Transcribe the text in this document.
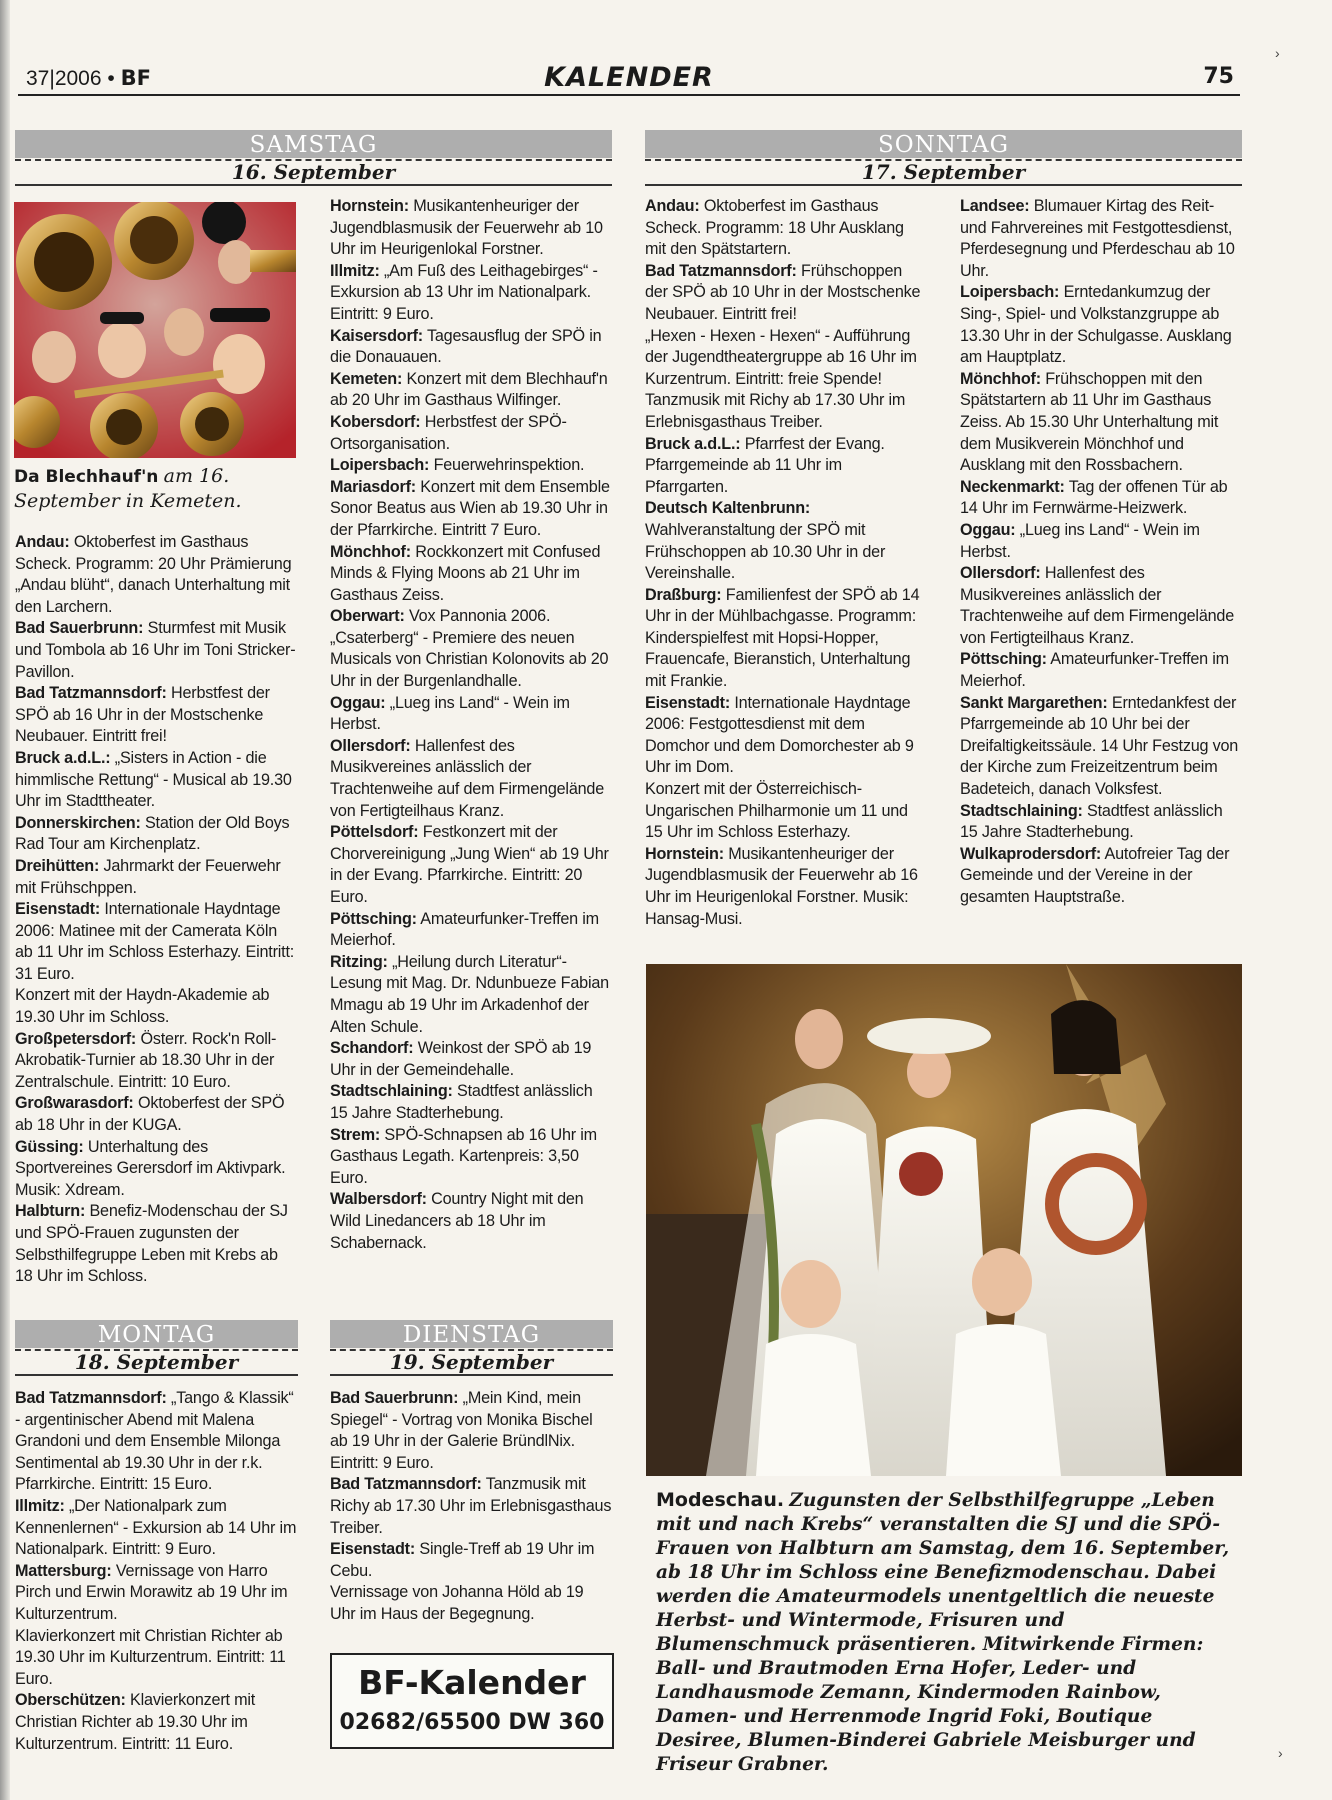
37|2006 • BF	KALENDER	75
SAMSTAG
16. September
SONNTAG
17. September
MONTAG
18. September
DIENSTAG
19. September
Da Blechhauf'n am 16. September in Kemeten.

Andau: Oktoberfest im Gasthaus Scheck. Programm: 20 Uhr Prämierung „Andau blüht“, danach Unterhaltung mit den Larchern.

Bad Sauerbrunn: Sturmfest mit Musik und Tombola ab 16 Uhr im Toni Stricker-Pavillon.

Bad Tatzmannsdorf: Herbstfest der SPÖ ab 16 Uhr in der Mostschenke Neubauer. Eintritt frei!

Bruck a.d.L.: „Sisters in Action - die himmlische Rettung“ - Musical ab 19.30 Uhr im Stadttheater.

Donnerskirchen: Station der Old Boys Rad Tour am Kirchenplatz.

Dreihütten: Jahrmarkt der Feuerwehr mit Frühschppen.

Eisenstadt: Internationale Haydntage 2006: Matinee mit der Camerata Köln ab 11 Uhr im Schloss Esterhazy. Eintritt: 31 Euro.

Konzert mit der Haydn-Akademie ab 19.30 Uhr im Schloss.

Großpetersdorf: Österr. Rock'n Roll-Akrobatik-Turnier ab 18.30 Uhr in der Zentralschule. Eintritt: 10 Euro.

Großwarasdorf: Oktoberfest der SPÖ ab 18 Uhr in der KUGA.

Güssing: Unterhaltung des Sportvereines Gerersdorf im Aktivpark. Musik: Xdream.

Halbturn: Benefiz-Modenschau der SJ und SPÖ-Frauen zugunsten der Selbsthilfegruppe Leben mit Krebs ab 18 Uhr im Schloss.

Hornstein: Musikantenheuriger der Jugendblasmusik der Feuerwehr ab 10 Uhr im Heurigenlokal Forstner.

Illmitz: „Am Fuß des Leithagebirges“ - Exkursion ab 13 Uhr im Nationalpark. Eintritt: 9 Euro.

Kaisersdorf: Tagesausflug der SPÖ in die Donauauen.

Kemeten: Konzert mit dem Blechhauf'n ab 20 Uhr im Gasthaus Wilfinger.

Kobersdorf: Herbstfest der SPÖ-Ortsorganisation.

Loipersbach: Feuerwehrinspektion.

Mariasdorf: Konzert mit dem Ensemble Sonor Beatus aus Wien ab 19.30 Uhr in der Pfarrkirche. Eintritt 7 Euro.

Mönchhof: Rockkonzert mit Confused Minds & Flying Moons ab 21 Uhr im Gasthaus Zeiss.

Oberwart: Vox Pannonia 2006. „Csaterberg“ - Premiere des neuen Musicals von Christian Kolonovits ab 20 Uhr in der Burgenlandhalle.

Oggau: „Lueg ins Land“ - Wein im Herbst.

Ollersdorf: Hallenfest des Musikvereines anlässlich der Trachtenweihe auf dem Firmengelände von Fertigteilhaus Kranz.

Pöttelsdorf: Festkonzert mit der Chorvereinigung „Jung Wien“ ab 19 Uhr in der Evang. Pfarrkirche. Eintritt: 20 Euro.

Pöttsching: Amateurfunker-Treffen im Meierhof.

Ritzing: „Heilung durch Literatur“-Lesung mit Mag. Dr. Ndunbueze Fabian Mmagu ab 19 Uhr im Arkadenhof der Alten Schule.

Schandorf: Weinkost der SPÖ ab 19 Uhr in der Gemeindehalle.

Stadtschlaining: Stadtfest anlässlich 15 Jahre Stadterhebung.

Strem: SPÖ-Schnapsen ab 16 Uhr im Gasthaus Legath. Kartenpreis: 3,50 Euro.

Walbersdorf: Country Night mit den Wild Linedancers ab 18 Uhr im Schabernack.

Andau: Oktoberfest im Gasthaus Scheck. Programm: 18 Uhr Ausklang mit den Spätstartern.

Bad Tatzmannsdorf: Frühschoppen der SPÖ ab 10 Uhr in der Mostschenke Neubauer. Eintritt frei!

„Hexen - Hexen - Hexen“ - Aufführung der Jugendtheatergruppe ab 16 Uhr im Kurzentrum. Eintritt: freie Spende!

Tanzmusik mit Richy ab 17.30 Uhr im Erlebnisgasthaus Treiber.

Bruck a.d.L.: Pfarrfest der Evang. Pfarrgemeinde ab 11 Uhr im Pfarrgarten.

Deutsch Kaltenbrunn: Wahlveranstaltung der SPÖ mit Frühschoppen ab 10.30 Uhr in der Vereinshalle.

Draßburg: Familienfest der SPÖ ab 14 Uhr in der Mühlbachgasse. Programm: Kinderspielfest mit Hopsi-Hopper, Frauencafe, Bieranstich, Unterhaltung mit Frankie.

Eisenstadt: Internationale Haydntage 2006: Festgottesdienst mit dem Domchor und dem Domorchester ab 9 Uhr im Dom.

Konzert mit der Österreichisch-Ungarischen Philharmonie um 11 und 15 Uhr im Schloss Esterhazy.

Hornstein: Musikantenheuriger der Jugendblasmusik der Feuerwehr ab 16 Uhr im Heurigenlokal Forstner. Musik: Hansag-Musi.

Landsee: Blumauer Kirtag des Reit- und Fahrvereines mit Festgottesdienst, Pferdesegnung und Pferdeschau ab 10 Uhr.

Loipersbach: Erntedankumzug der Sing-, Spiel- und Volkstanzgruppe ab 13.30 Uhr in der Schulgasse. Ausklang am Hauptplatz.

Mönchhof: Frühschoppen mit den Spätstartern ab 11 Uhr im Gasthaus Zeiss. Ab 15.30 Uhr Unterhaltung mit dem Musikverein Mönchhof und Ausklang mit den Rossbachern.

Neckenmarkt: Tag der offenen Tür ab 14 Uhr im Fernwärme-Heizwerk.

Oggau: „Lueg ins Land“ - Wein im Herbst.

Ollersdorf: Hallenfest des Musikvereines anlässlich der Trachtenweihe auf dem Firmengelände von Fertigteilhaus Kranz.

Pöttsching: Amateurfunker-Treffen im Meierhof.

Sankt Margarethen: Erntedankfest der Pfarrgemeinde ab 10 Uhr bei der Dreifaltigkeitssäule. 14 Uhr Festzug von der Kirche zum Freizeitzentrum beim Badeteich, danach Volksfest.

Stadtschlaining: Stadtfest anlässlich 15 Jahre Stadterhebung.

Wulkaprodersdorf: Autofreier Tag der Gemeinde und der Vereine in der gesamten Hauptstraße.

Bad Tatzmannsdorf: „Tango & Klassik“ - argentinischer Abend mit Malena Grandoni und dem Ensemble Milonga Sentimental ab 19.30 Uhr in der r.k. Pfarrkirche. Eintritt: 15 Euro.

Illmitz: „Der Nationalpark zum Kennenlernen“ - Exkursion ab 14 Uhr im Nationalpark. Eintritt: 9 Euro.

Mattersburg: Vernissage von Harro Pirch und Erwin Morawitz ab 19 Uhr im Kulturzentrum.

Klavierkonzert mit Christian Richter ab 19.30 Uhr im Kulturzentrum. Eintritt: 11 Euro.

Oberschützen: Klavierkonzert mit Christian Richter ab 19.30 Uhr im Kulturzentrum. Eintritt: 11 Euro.

Bad Sauerbrunn: „Mein Kind, mein Spiegel“ - Vortrag von Monika Bischel ab 19 Uhr in der Galerie BründlNix. Eintritt: 9 Euro.

Bad Tatzmannsdorf: Tanzmusik mit Richy ab 17.30 Uhr im Erlebnisgasthaus Treiber.

Eisenstadt: Single-Treff ab 19 Uhr im Cebu.

Vernissage von Johanna Höld ab 19 Uhr im Haus der Begegnung.

BF-Kalender
02682/65500 DW 360
Modeschau. Zugunsten der Selbsthilfegruppe „Leben mit und nach Krebs“ veranstalten die SJ und die SPÖ-Frauen von Halbturn am Samstag, dem 16. September, ab 18 Uhr im Schloss eine Benefizmodenschau. Dabei werden die Amateurmodels unentgeltlich die neueste Herbst- und Wintermode, Frisuren und Blumenschmuck präsentieren. Mitwirkende Firmen: Ball- und Brautmoden Erna Hofer, Leder- und Landhausmode Zemann, Kindermoden Rainbow, Damen- und Herrenmode Ingrid Foki, Boutique Desiree, Blumen-Binderei Gabriele Meisburger und Friseur Grabner.
›
›
